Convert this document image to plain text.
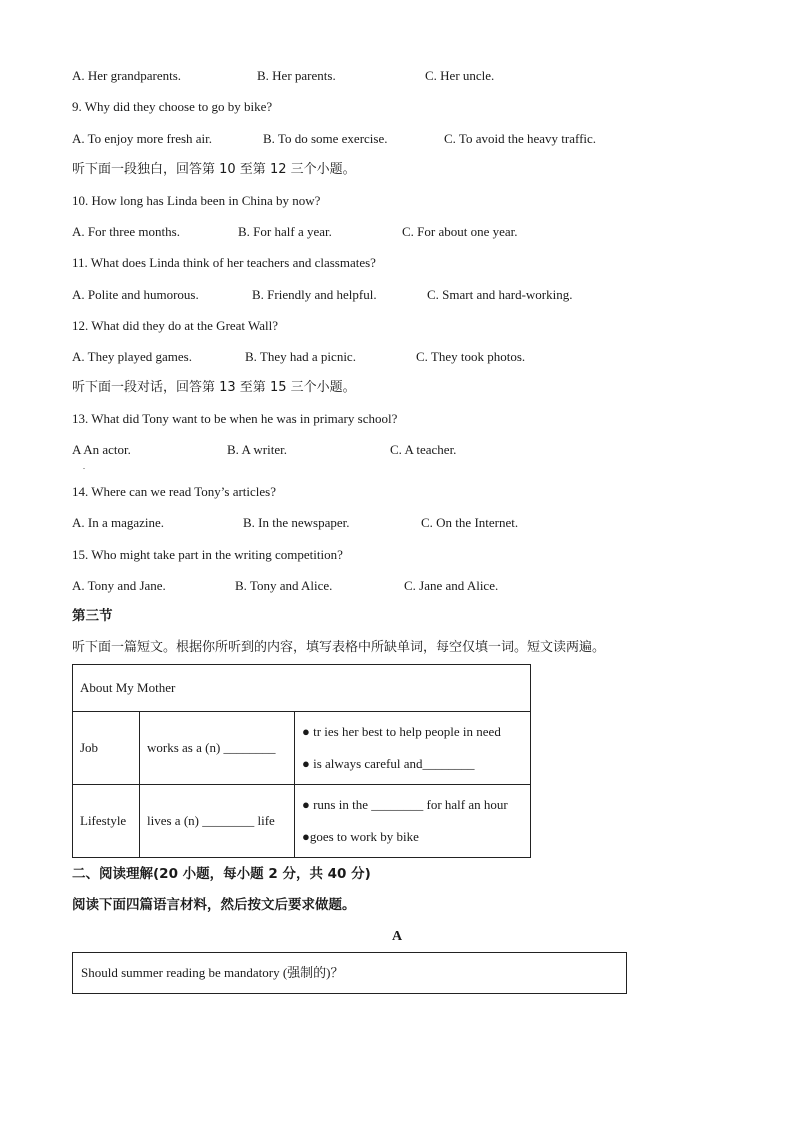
A. Her grandparents.	B. Her parents.	C. Her uncle.
9. Why did they choose to go by bike?
A. To enjoy more fresh air.	B. To do some exercise.	C. To avoid the heavy traffic.
听下面一段独白，回答第 10 至第 12 三个小题。
10. How long has Linda been in China by now?
A. For three months.	B. For half a year.	C. For about one year.
11. What does Linda think of her teachers and classmates?
A. Polite and humorous.	B. Friendly and helpful.	C. Smart and hard-working.
12. What did they do at the Great Wall?
A. They played games.	B. They had a picnic.	C. They took photos.
听下面一段对话，回答第 13 至第 15 三个小题。
13. What did Tony want to be when he was in primary school?
A An actor.
.
B. A writer.	C. A teacher.
14. Where can we read Tony’s articles?
A. In a magazine.	B. In the newspaper.	C. On the Internet.
15. Who might take part in the writing competition?
A. Tony and Jane.	B. Tony and Alice.	C. Jane and Alice.
第三节
听下面一篇短文。根据你所听到的内容，填写表格中所缺单词，每空仅填一词。短文读两遍。
About My Mother		
Job	works as a (n) ________	● tr ies her best to help people in need
● is always careful and________

Lifestyle	lives a (n) ________ life	● runs in the ________ for half an hour
●goes to work by bike
二、阅读理解(20 小题，每小题 2 分，共 40 分)
阅读下面四篇语言材料，然后按文后要求做题。
A
Should summer reading be mandatory (强制的)？
